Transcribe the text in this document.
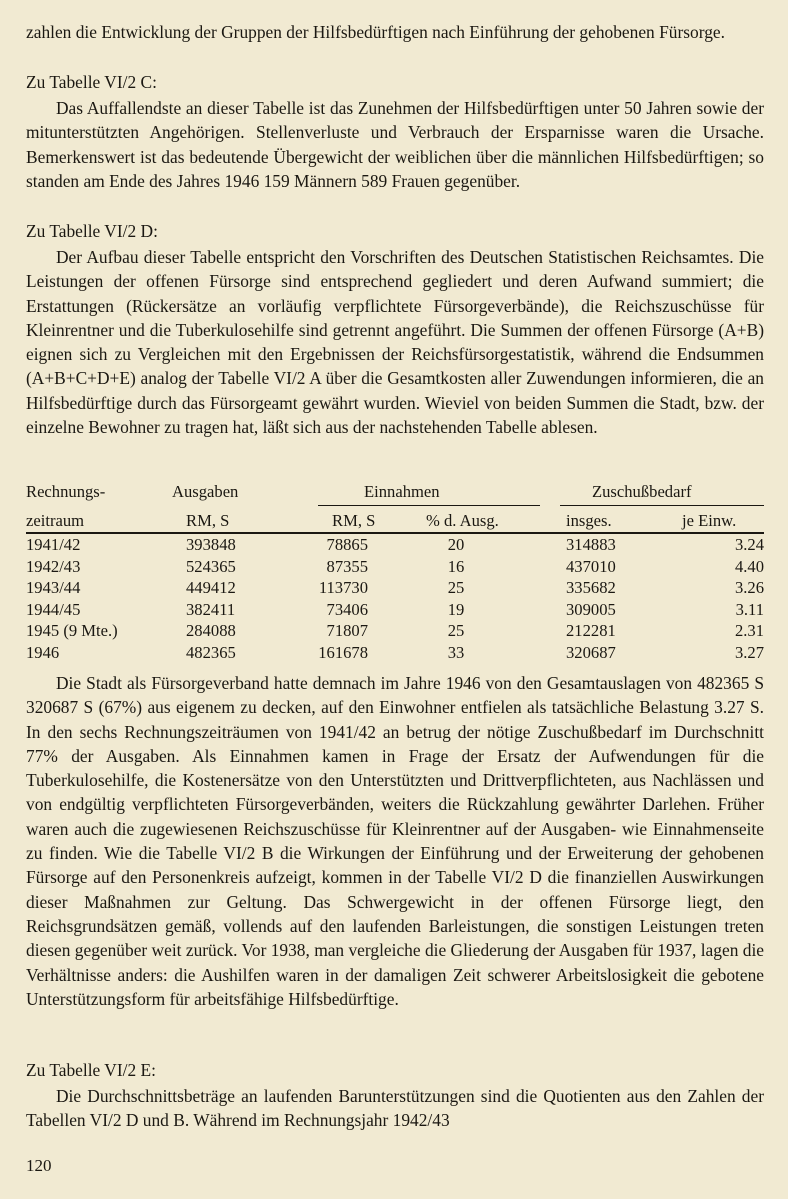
zahlen die Entwicklung der Gruppen der Hilfsbedürftigen nach Einführung der gehobenen Fürsorge.

Zu Tabelle VI/2 C:

Das Auffallendste an dieser Tabelle ist das Zunehmen der Hilfsbedürftigen unter 50 Jahren sowie der mitunterstützten Angehörigen. Stellenverluste und Verbrauch der Ersparnisse waren die Ursache. Bemerkenswert ist das bedeutende Übergewicht der weiblichen über die männlichen Hilfsbedürftigen; so standen am Ende des Jahres 1946 159 Männern 589 Frauen gegenüber.

Zu Tabelle VI/2 D:

Der Aufbau dieser Tabelle entspricht den Vorschriften des Deutschen Statistischen Reichsamtes. Die Leistungen der offenen Fürsorge sind entsprechend gegliedert und deren Aufwand summiert; die Erstattungen (Rückersätze an vorläufig verpflichtete Fürsorgeverbände), die Reichszuschüsse für Kleinrentner und die Tuberkulosehilfe sind getrennt angeführt. Die Summen der offenen Fürsorge (A+B) eignen sich zu Vergleichen mit den Ergebnissen der Reichsfürsorgestatistik, während die Endsummen (A+B+C+D+E) analog der Tabelle VI/2 A über die Gesamtkosten aller Zuwendungen informieren, die an Hilfsbedürftige durch das Fürsorgeamt gewährt wurden. Wieviel von beiden Summen die Stadt, bzw. der einzelne Bewohner zu tragen hat, läßt sich aus der nachstehenden Tabelle ablesen.

Rechnungs-	Ausgaben	Einnahmen	Zuschußbedarf
zeitraum	RM, S	RM, S	% d. Ausg.	insges.	je Einw.
1941/42	393848	78865	20	314883	3.24
1942/43	524365	87355	16	437010	4.40
1943/44	449412	113730	25	335682	3.26
1944/45	382411	73406	19	309005	3.11
1945 (9 Mte.)	284088	71807	25	212281	2.31
1946	482365	161678	33	320687	3.27

Die Stadt als Fürsorgeverband hatte demnach im Jahre 1946 von den Gesamtauslagen von 482365 S 320687 S (67%) aus eigenem zu decken, auf den Einwohner entfielen als tatsächliche Belastung 3.27 S. In den sechs Rechnungszeiträumen von 1941/42 an betrug der nötige Zuschußbedarf im Durchschnitt 77% der Ausgaben. Als Einnahmen kamen in Frage der Ersatz der Aufwendungen für die Tuberkulosehilfe, die Kostenersätze von den Unterstützten und Drittverpflichteten, aus Nachlässen und von endgültig verpflichteten Fürsorgeverbänden, weiters die Rückzahlung gewährter Darlehen. Früher waren auch die zugewiesenen Reichszuschüsse für Kleinrentner auf der Ausgaben- wie Einnahmenseite zu finden. Wie die Tabelle VI/2 B die Wirkungen der Einführung und der Erweiterung der gehobenen Fürsorge auf den Personenkreis aufzeigt, kommen in der Tabelle VI/2 D die finanziellen Auswirkungen dieser Maßnahmen zur Geltung. Das Schwergewicht in der offenen Fürsorge liegt, den Reichsgrundsätzen gemäß, vollends auf den laufenden Barleistungen, die sonstigen Leistungen treten diesen gegenüber weit zurück. Vor 1938, man vergleiche die Gliederung der Ausgaben für 1937, lagen die Verhältnisse anders: die Aushilfen waren in der damaligen Zeit schwerer Arbeitslosigkeit die gebotene Unterstützungsform für arbeitsfähige Hilfsbedürftige.

Zu Tabelle VI/2 E:

Die Durchschnittsbeträge an laufenden Barunterstützungen sind die Quotienten aus den Zahlen der Tabellen VI/2 D und B. Während im Rechnungsjahr 1942/43

120
